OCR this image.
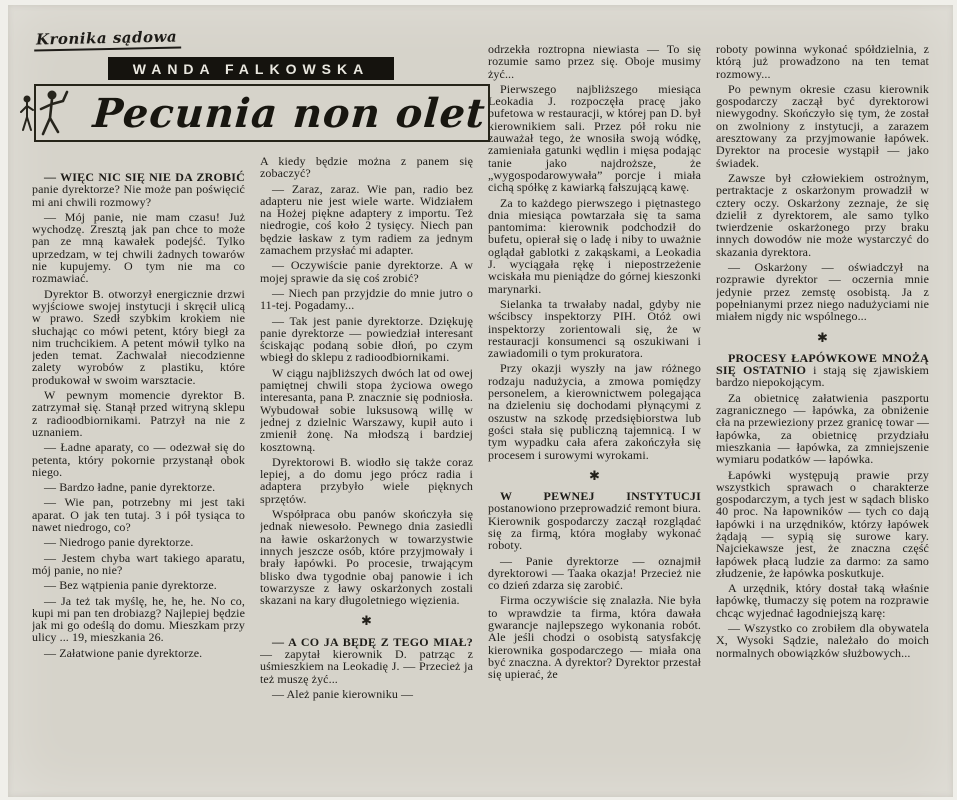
Kronika sądowa
WANDA FALKOWSKA
Pecunia non olet

— WIĘC NIC SIĘ NIE DA ZROBIĆ panie dyrektorze? Nie może pan poświęcić mi ani chwili rozmowy?

— Mój panie, nie mam czasu! Już wychodzę. Zresztą jak pan chce to może pan ze mną kawałek podejść. Tylko uprzedzam, w tej chwili żadnych towarów nie kupujemy. O tym nie ma co rozmawiać.

Dyrektor B. otworzył energicznie drzwi wyjściowe swojej instytucji i skręcił ulicą w prawo. Szedł szybkim krokiem nie słuchając co mówi petent, który biegł za nim truchcikiem. A petent mówił tylko na jeden temat. Zachwalał niecodzienne zalety wyrobów z plastiku, które produkował w swoim warsztacie.

W pewnym momencie dyrektor B. zatrzymał się. Stanął przed witryną sklepu z radioodbiornikami. Patrzył na nie z uznaniem.

— Ładne aparaty, co — odezwał się do petenta, który pokornie przystanął obok niego.

— Bardzo ładne, panie dyrektorze.

— Wie pan, potrzebny mi jest taki aparat. O jak ten tutaj. 3 i pół tysiąca to nawet niedrogo, co?

— Niedrogo panie dyrektorze.

— Jestem chyba wart takiego aparatu, mój panie, no nie?

— Bez wątpienia panie dyrektorze.

— Ja też tak myślę, he, he, he. No co, kupi mi pan ten drobiazg? Najlepiej będzie jak mi go odeślą do domu. Mieszkam przy ulicy ... 19, mieszkania 26.

— Załatwione panie dyrektorze.

A kiedy będzie można z panem się zobaczyć?

— Zaraz, zaraz. Wie pan, radio bez adapteru nie jest wiele warte. Widziałem na Hożej piękne adaptery z importu. Też niedrogie, coś koło 2 tysięcy. Niech pan będzie łaskaw z tym radiem za jednym zamachem przysłać mi adapter.

— Oczywiście panie dyrektorze. A w mojej sprawie da się coś zrobić?

— Niech pan przyjdzie do mnie jutro o 11-tej. Pogadamy...

— Tak jest panie dyrektorze. Dziękuję panie dyrektorze — powiedział interesant ściskając podaną sobie dłoń, po czym wbiegł do sklepu z radioodbiornikami.

W ciągu najbliższych dwóch lat od owej pamiętnej chwili stopa życiowa owego interesanta, pana P. znacznie się podniosła. Wybudował sobie luksusową willę w jednej z dzielnic Warszawy, kupił auto i zmienił żonę. Na młodszą i bardziej kosztowną.

Dyrektorowi B. wiodło się także coraz lepiej, a do domu jego prócz radia i adaptera przybyło wiele pięknych sprzętów.

Współpraca obu panów skończyła się jednak niewesoło. Pewnego dnia zasiedli na ławie oskarżonych w towarzystwie innych jeszcze osób, które przyjmowały i brały łapówki. Po procesie, trwającym blisko dwa tygodnie obaj panowie i ich towarzysze z ławy oskarżonych zostali skazani na kary długoletniego więzienia.

✱

— A CO JA BĘDĘ Z TEGO MIAŁ? — zapytał kierownik D. patrząc z uśmieszkiem na Leokadię J. — Przecież ja też muszę żyć...

— Ależ panie kierowniku —

odrzekła roztropna niewiasta — To się rozumie samo przez się. Oboje musimy żyć...

Pierwszego najbliższego miesiąca Leokadia J. rozpoczęła pracę jako bufetowa w restauracji, w której pan D. był kierownikiem sali. Przez pół roku nie zauważał tego, że wnosiła swoją wódkę, zamieniała gatunki wędlin i mięsa podając tanie jako najdroższe, że „wygospodarowywała” porcje i miała cichą spółkę z kawiarką fałszującą kawę.

Za to każdego pierwszego i piętnastego dnia miesiąca powtarzała się ta sama pantomima: kierownik podchodził do bufetu, opierał się o ladę i niby to uważnie oglądał gablotki z zakąskami, a Leokadia J. wyciągała rękę i niepostrzeżenie wciskała mu pieniądze do górnej kieszonki marynarki.

Sielanka ta trwałaby nadal, gdyby nie wścibscy inspektorzy PIH. Otóż owi inspektorzy zorientowali się, że w restauracji konsumenci są oszukiwani i zawiadomili o tym prokuratora.

Przy okazji wyszły na jaw różnego rodzaju nadużycia, a zmowa pomiędzy personelem, a kierownictwem polegająca na dzieleniu się dochodami płynącymi z oszustw na szkodę przedsiębiorstwa lub gości stała się publiczną tajemnicą. I w tym wypadku cała afera zakończyła się procesem i surowymi wyrokami.

✱

W PEWNEJ INSTYTUCJI postanowiono przeprowadzić remont biura. Kierownik gospodarczy zaczął rozglądać się za firmą, która mogłaby wykonać roboty.

— Panie dyrektorze — oznajmił dyrektorowi — Taaka okazja! Przecież nie co dzień zdarza się zarobić.

Firma oczywiście się znalazła. Nie była to wprawdzie ta firma, która dawała gwarancje najlepszego wykonania robót. Ale jeśli chodzi o osobistą satysfakcję kierownika gospodarczego — miała ona być znaczna. A dyrektor? Dyrektor przestał się upierać, że

roboty powinna wykonać spółdzielnia, z którą już prowadzono na ten temat rozmowy...

Po pewnym okresie czasu kierownik gospodarczy zaczął być dyrektorowi niewygodny. Skończyło się tym, że został on zwolniony z instytucji, a zarazem aresztowany za przyjmowanie łapówek. Dyrektor na procesie wystąpił — jako świadek.

Zawsze był człowiekiem ostrożnym, pertraktacje z oskarżonym prowadził w cztery oczy. Oskarżony zeznaje, że się dzielił z dyrektorem, ale samo tylko twierdzenie oskarżonego przy braku innych dowodów nie może wystarczyć do skazania dyrektora.

— Oskarżony — oświadczył na rozprawie dyrektor — oczernia mnie jedynie przez zemstę osobistą. Ja z popełnianymi przez niego nadużyciami nie miałem nigdy nic wspólnego...

✱

PROCESY ŁAPÓWKOWE MNOŻĄ SIĘ OSTATNIO i stają się zjawiskiem bardzo niepokojącym.

Za obietnicę załatwienia paszportu zagranicznego — łapówka, za obniżenie cła na przewieziony przez granicę towar — łapówka, za obietnicę przydziału mieszkania — łapówka, za zmniejszenie wymiaru podatków — łapówka.

Łapówki występują prawie przy wszystkich sprawach o charakterze gospodarczym, a tych jest w sądach blisko 40 proc. Na łapowników — tych co dają łapówki i na urzędników, którzy łapówek żądają — sypią się surowe kary. Najciekawsze jest, że znaczna część łapówek płacą ludzie za darmo: za samo złudzenie, że łapówka poskutkuje.

A urzędnik, który dostał taką właśnie łapówkę, tłumaczy się potem na rozprawie chcąc wyjednać łagodniejszą karę:

— Wszystko co zrobiłem dla obywatela X, Wysoki Sądzie, należało do moich normalnych obowiązków służbowych...
